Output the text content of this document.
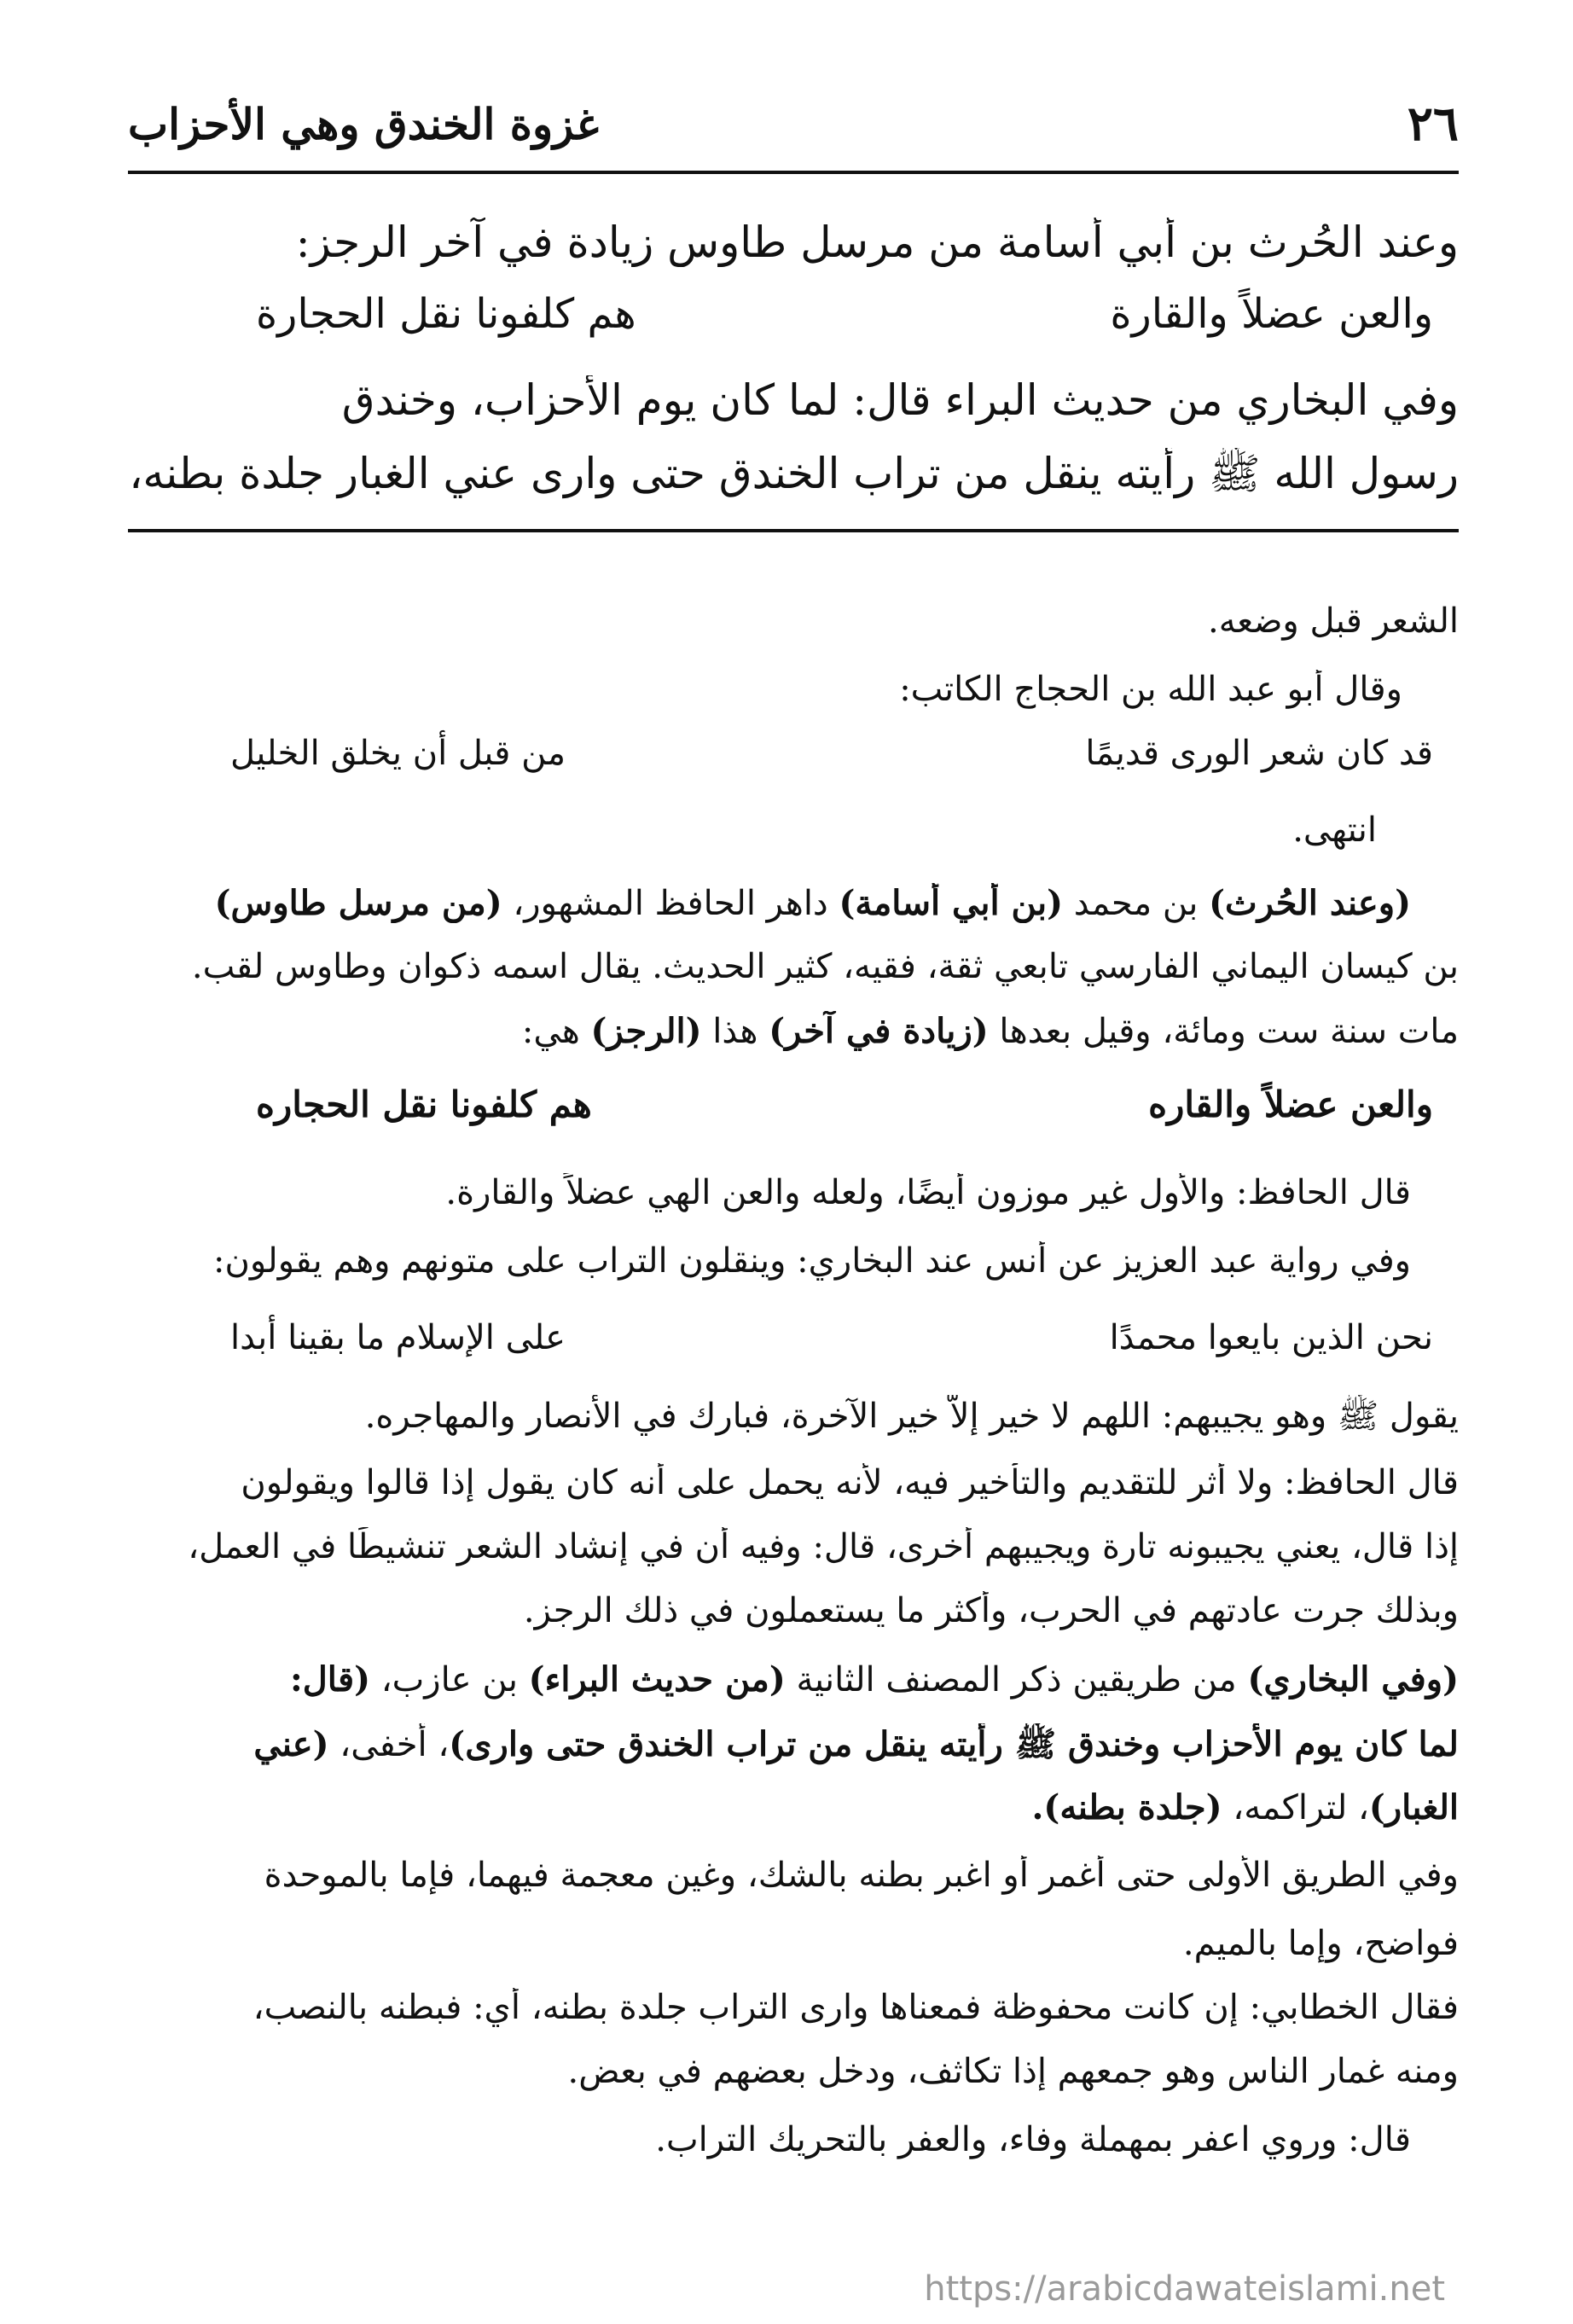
٢٦
غزوة الخندق وهي الأحزاب
وعند الحُرث بن أبي أسامة من مرسل طاوس زيادة في آخر الرجز:
والعن عضلاً والقارة
هم كلفونا نقل الحجارة
وفي البخاري من حديث البراء قال: لما كان يوم الأحزاب، وخندق
رسول الله ﷺ رأيته ينقل من تراب الخندق حتى وارى عني الغبار جلدة بطنه،
الشعر قبل وضعه.
وقال أبو عبد الله بن الحجاج الكاتب:
قد كان شعر الورى قديمًا
من قبل أن يخلق الخليل
انتهى.
(وعند الحُرث) بن محمد (بن أبي أسامة) داهر الحافظ المشهور، (من مرسل طاوس)
بن كيسان اليماني الفارسي تابعي ثقة، فقيه، كثير الحديث. يقال اسمه ذكوان وطاوس لقب.
مات سنة ست ومائة، وقيل بعدها (زيادة في آخر) هذا (الرجز) هي:
والعن عضلاً والقاره
هم كلفونا نقل الحجاره
قال الحافظ: والأول غير موزون أيضًا، ولعله والعن الهي عضلاً والقارة.
وفي رواية عبد العزيز عن أنس عند البخاري: وينقلون التراب على متونهم وهم يقولون:
نحن الذين بايعوا محمدًا
على الإسلام ما بقينا أبدا
يقول ﷺ وهو يجيبهم: اللهم لا خير إلاَّ خير الآخرة، فبارك في الأنصار والمهاجره.
قال الحافظ: ولا أثر للتقديم والتأخير فيه، لأنه يحمل على أنه كان يقول إذا قالوا ويقولون
إذا قال، يعني يجيبونه تارة ويجيبهم أخرى، قال: وفيه أن في إنشاد الشعر تنشيطًا في العمل،
وبذلك جرت عادتهم في الحرب، وأكثر ما يستعملون في ذلك الرجز.
(وفي البخاري) من طريقين ذكر المصنف الثانية (من حديث البراء) بن عازب، (قال:
لما كان يوم الأحزاب وخندق ﷺ رأيته ينقل من تراب الخندق حتى وارى)، أخفى، (عني
الغبار)، لتراكمه، (جلدة بطنه).
وفي الطريق الأولى حتى أغمر أو اغبر بطنه بالشك، وغين معجمة فيهما، فإما بالموحدة
فواضح، وإما بالميم.
فقال الخطابي: إن كانت محفوظة فمعناها وارى التراب جلدة بطنه، أي: فبطنه بالنصب،
ومنه غمار الناس وهو جمعهم إذا تكاثف، ودخل بعضهم في بعض.
قال: وروي اعفر بمهملة وفاء، والعفر بالتحريك التراب.
https://arabicdawateislami.net
